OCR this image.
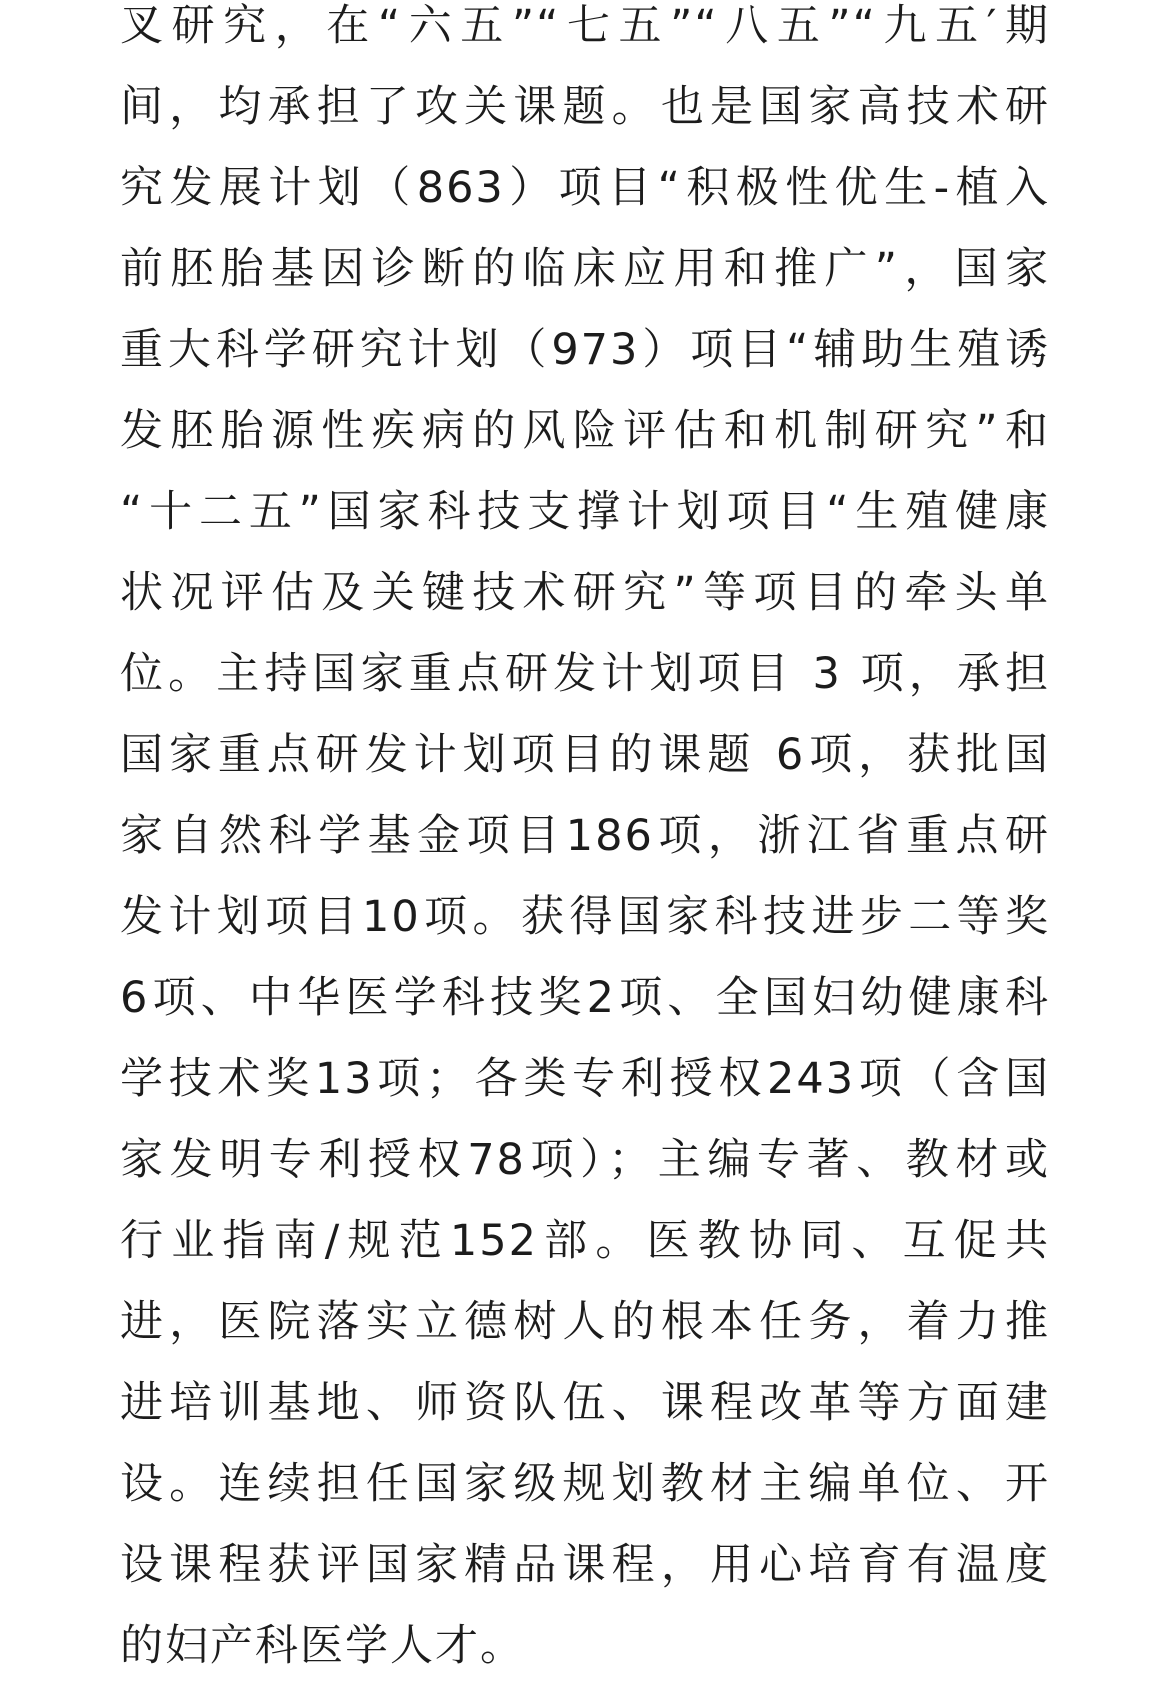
叉研究，在“六五”“七五”“八五”“九五′期
间，均承担了攻关课题。也是国家高技术研
究发展计划（863）项目“积极性优生-植入
前胚胎基因诊断的临床应用和推广”，国家
重大科学研究计划（973）项目“辅助生殖诱
发胚胎源性疾病的风险评估和机制研究”和
“十二五”国家科技支撑计划项目“生殖健康
状况评估及关键技术研究”等项目的牵头单
位。主持国家重点研发计划项目 3 项，承担
国家重点研发计划项目的课题 6项，获批国
家自然科学基金项目186项，浙江省重点研
发计划项目10项。获得国家科技进步二等奖
6项、中华医学科技奖2项、全国妇幼健康科
学技术奖13项；各类专利授权243项（含国
家发明专利授权78项）；主编专著、教材或
行业指南/规范152部。医教协同、互促共
进，医院落实立德树人的根本任务，着力推
进培训基地、师资队伍、课程改革等方面建
设。连续担任国家级规划教材主编单位、开
设课程获评国家精品课程，用心培育有温度
的妇产科医学人才。
